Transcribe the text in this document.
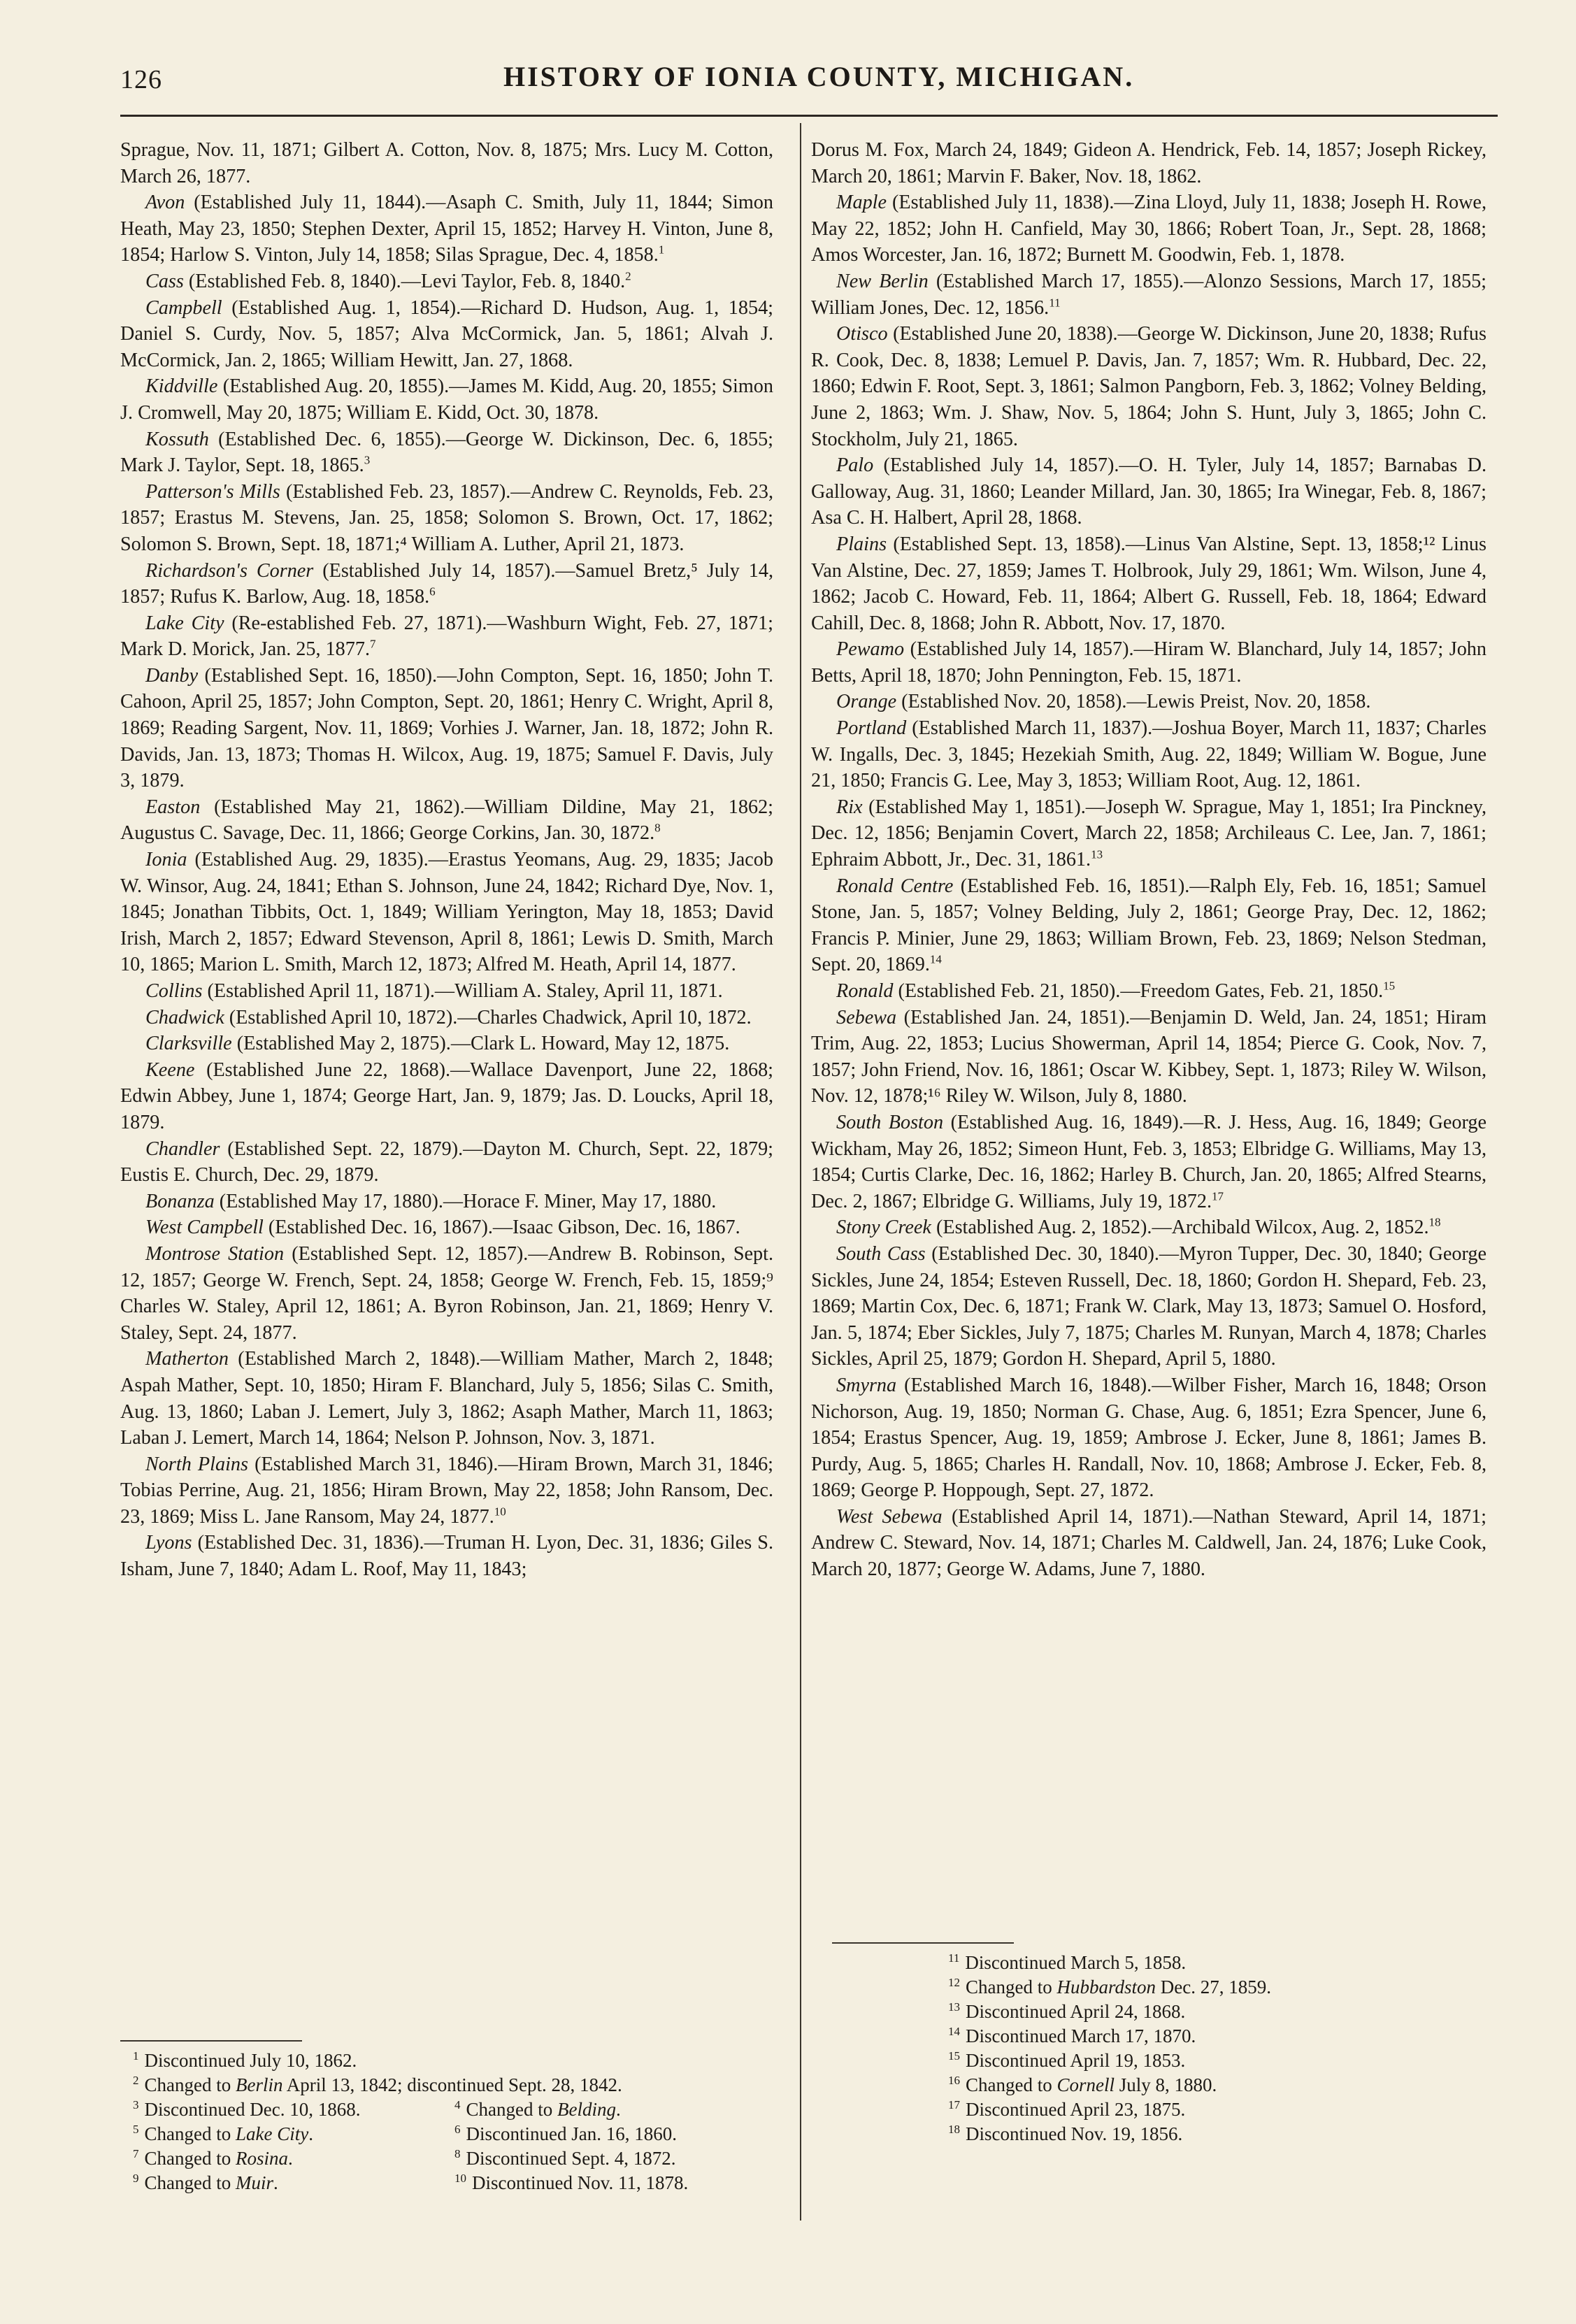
126	HISTORY OF IONIA COUNTY, MICHIGAN.

Sprague, Nov. 11, 1871; Gilbert A. Cotton, Nov. 8, 1875; Mrs. Lucy M. Cotton, March 26, 1877.

Avon (Established July 11, 1844).—Asaph C. Smith, July 11, 1844; Simon Heath, May 23, 1850; Stephen Dexter, April 15, 1852; Harvey H. Vinton, June 8, 1854; Harlow S. Vinton, July 14, 1858; Silas Sprague, Dec. 4, 1858.$^1$

Cass (Established Feb. 8, 1840).—Levi Taylor, Feb. 8, 1840.$^2$

Campbell (Established Aug. 1, 1854).—Richard D. Hudson, Aug. 1, 1854; Daniel S. Curdy, Nov. 5, 1857; Alva McCormick, Jan. 5, 1861; Alvah J. McCormick, Jan. 2, 1865; William Hewitt, Jan. 27, 1868.

Kiddville (Established Aug. 20, 1855).—James M. Kidd, Aug. 20, 1855; Simon J. Cromwell, May 20, 1875; William E. Kidd, Oct. 30, 1878.

Kossuth (Established Dec. 6, 1855).—George W. Dickinson, Dec. 6, 1855; Mark J. Taylor, Sept. 18, 1865.$^3$

Patterson's Mills (Established Feb. 23, 1857).—Andrew C. Reynolds, Feb. 23, 1857; Erastus M. Stevens, Jan. 25, 1858; Solomon S. Brown, Oct. 17, 1862; Solomon S. Brown, Sept. 18, 1871;⁴ William A. Luther, April 21, 1873.

Richardson's Corner (Established July 14, 1857).—Samuel Bretz,⁵ July 14, 1857; Rufus K. Barlow, Aug. 18, 1858.$^6$

Lake City (Re-established Feb. 27, 1871).—Washburn Wight, Feb. 27, 1871; Mark D. Morick, Jan. 25, 1877.$^7$

Danby (Established Sept. 16, 1850).—John Compton, Sept. 16, 1850; John T. Cahoon, April 25, 1857; John Compton, Sept. 20, 1861; Henry C. Wright, April 8, 1869; Reading Sargent, Nov. 11, 1869; Vorhies J. Warner, Jan. 18, 1872; John R. Davids, Jan. 13, 1873; Thomas H. Wilcox, Aug. 19, 1875; Samuel F. Davis, July 3, 1879.

Easton (Established May 21, 1862).—William Dildine, May 21, 1862; Augustus C. Savage, Dec. 11, 1866; George Corkins, Jan. 30, 1872.$^8$

Ionia (Established Aug. 29, 1835).—Erastus Yeomans, Aug. 29, 1835; Jacob W. Winsor, Aug. 24, 1841; Ethan S. Johnson, June 24, 1842; Richard Dye, Nov. 1, 1845; Jonathan Tibbits, Oct. 1, 1849; William Yerington, May 18, 1853; David Irish, March 2, 1857; Edward Stevenson, April 8, 1861; Lewis D. Smith, March 10, 1865; Marion L. Smith, March 12, 1873; Alfred M. Heath, April 14, 1877.

Collins (Established April 11, 1871).—William A. Staley, April 11, 1871.

Chadwick (Established April 10, 1872).—Charles Chadwick, April 10, 1872.

Clarksville (Established May 2, 1875).—Clark L. Howard, May 12, 1875.

Keene (Established June 22, 1868).—Wallace Davenport, June 22, 1868; Edwin Abbey, June 1, 1874; George Hart, Jan. 9, 1879; Jas. D. Loucks, April 18, 1879.

Chandler (Established Sept. 22, 1879).—Dayton M. Church, Sept. 22, 1879; Eustis E. Church, Dec. 29, 1879.

Bonanza (Established May 17, 1880).—Horace F. Miner, May 17, 1880.

West Campbell (Established Dec. 16, 1867).—Isaac Gibson, Dec. 16, 1867.

Montrose Station (Established Sept. 12, 1857).—Andrew B. Robinson, Sept. 12, 1857; George W. French, Sept. 24, 1858; George W. French, Feb. 15, 1859;⁹ Charles W. Staley, April 12, 1861; A. Byron Robinson, Jan. 21, 1869; Henry V. Staley, Sept. 24, 1877.

Matherton (Established March 2, 1848).—William Mather, March 2, 1848; Aspah Mather, Sept. 10, 1850; Hiram F. Blanchard, July 5, 1856; Silas C. Smith, Aug. 13, 1860; Laban J. Lemert, July 3, 1862; Asaph Mather, March 11, 1863; Laban J. Lemert, March 14, 1864; Nelson P. Johnson, Nov. 3, 1871.

North Plains (Established March 31, 1846).—Hiram Brown, March 31, 1846; Tobias Perrine, Aug. 21, 1856; Hiram Brown, May 22, 1858; John Ransom, Dec. 23, 1869; Miss L. Jane Ransom, May 24, 1877.10

Lyons (Established Dec. 31, 1836).—Truman H. Lyon, Dec. 31, 1836; Giles S. Isham, June 7, 1840; Adam L. Roof, May 11, 1843;

Dorus M. Fox, March 24, 1849; Gideon A. Hendrick, Feb. 14, 1857; Joseph Rickey, March 20, 1861; Marvin F. Baker, Nov. 18, 1862.

Maple (Established July 11, 1838).—Zina Lloyd, July 11, 1838; Joseph H. Rowe, May 22, 1852; John H. Canfield, May 30, 1866; Robert Toan, Jr., Sept. 28, 1868; Amos Worcester, Jan. 16, 1872; Burnett M. Goodwin, Feb. 1, 1878.

New Berlin (Established March 17, 1855).—Alonzo Sessions, March 17, 1855; William Jones, Dec. 12, 1856.11

Otisco (Established June 20, 1838).—George W. Dickinson, June 20, 1838; Rufus R. Cook, Dec. 8, 1838; Lemuel P. Davis, Jan. 7, 1857; Wm. R. Hubbard, Dec. 22, 1860; Edwin F. Root, Sept. 3, 1861; Salmon Pangborn, Feb. 3, 1862; Volney Belding, June 2, 1863; Wm. J. Shaw, Nov. 5, 1864; John S. Hunt, July 3, 1865; John C. Stockholm, July 21, 1865.

Palo (Established July 14, 1857).—O. H. Tyler, July 14, 1857; Barnabas D. Galloway, Aug. 31, 1860; Leander Millard, Jan. 30, 1865; Ira Winegar, Feb. 8, 1867; Asa C. H. Halbert, April 28, 1868.

Plains (Established Sept. 13, 1858).—Linus Van Alstine, Sept. 13, 1858;¹² Linus Van Alstine, Dec. 27, 1859; James T. Holbrook, July 29, 1861; Wm. Wilson, June 4, 1862; Jacob C. Howard, Feb. 11, 1864; Albert G. Russell, Feb. 18, 1864; Edward Cahill, Dec. 8, 1868; John R. Abbott, Nov. 17, 1870.

Pewamo (Established July 14, 1857).—Hiram W. Blanchard, July 14, 1857; John Betts, April 18, 1870; John Pennington, Feb. 15, 1871.

Orange (Established Nov. 20, 1858).—Lewis Preist, Nov. 20, 1858.

Portland (Established March 11, 1837).—Joshua Boyer, March 11, 1837; Charles W. Ingalls, Dec. 3, 1845; Hezekiah Smith, Aug. 22, 1849; William W. Bogue, June 21, 1850; Francis G. Lee, May 3, 1853; William Root, Aug. 12, 1861.

Rix (Established May 1, 1851).—Joseph W. Sprague, May 1, 1851; Ira Pinckney, Dec. 12, 1856; Benjamin Covert, March 22, 1858; Archileaus C. Lee, Jan. 7, 1861; Ephraim Abbott, Jr., Dec. 31, 1861.13

Ronald Centre (Established Feb. 16, 1851).—Ralph Ely, Feb. 16, 1851; Samuel Stone, Jan. 5, 1857; Volney Belding, July 2, 1861; George Pray, Dec. 12, 1862; Francis P. Minier, June 29, 1863; William Brown, Feb. 23, 1869; Nelson Stedman, Sept. 20, 1869.14

Ronald (Established Feb. 21, 1850).—Freedom Gates, Feb. 21, 1850.15

Sebewa (Established Jan. 24, 1851).—Benjamin D. Weld, Jan. 24, 1851; Hiram Trim, Aug. 22, 1853; Lucius Showerman, April 14, 1854; Pierce G. Cook, Nov. 7, 1857; John Friend, Nov. 16, 1861; Oscar W. Kibbey, Sept. 1, 1873; Riley W. Wilson, Nov. 12, 1878;¹⁶ Riley W. Wilson, July 8, 1880.

South Boston (Established Aug. 16, 1849).—R. J. Hess, Aug. 16, 1849; George Wickham, May 26, 1852; Simeon Hunt, Feb. 3, 1853; Elbridge G. Williams, May 13, 1854; Curtis Clarke, Dec. 16, 1862; Harley B. Church, Jan. 20, 1865; Alfred Stearns, Dec. 2, 1867; Elbridge G. Williams, July 19, 1872.17

Stony Creek (Established Aug. 2, 1852).—Archibald Wilcox, Aug. 2, 1852.18

South Cass (Established Dec. 30, 1840).—Myron Tupper, Dec. 30, 1840; George Sickles, June 24, 1854; Esteven Russell, Dec. 18, 1860; Gordon H. Shepard, Feb. 23, 1869; Martin Cox, Dec. 6, 1871; Frank W. Clark, May 13, 1873; Samuel O. Hosford, Jan. 5, 1874; Eber Sickles, July 7, 1875; Charles M. Runyan, March 4, 1878; Charles Sickles, April 25, 1879; Gordon H. Shepard, April 5, 1880.

Smyrna (Established March 16, 1848).—Wilber Fisher, March 16, 1848; Orson Nichorson, Aug. 19, 1850; Norman G. Chase, Aug. 6, 1851; Ezra Spencer, June 6, 1854; Erastus Spencer, Aug. 19, 1859; Ambrose J. Ecker, June 8, 1861; James B. Purdy, Aug. 5, 1865; Charles H. Randall, Nov. 10, 1868; Ambrose J. Ecker, Feb. 8, 1869; George P. Hoppough, Sept. 27, 1872.

West Sebewa (Established April 14, 1871).—Nathan Steward, April 14, 1871; Andrew C. Steward, Nov. 14, 1871; Charles M. Caldwell, Jan. 24, 1876; Luke Cook, March 20, 1877; George W. Adams, June 7, 1880.

$^1$ Discontinued July 10, 1862.
$^2$ Changed to Berlin April 13, 1842; discontinued Sept. 28, 1842.
$^3$ Discontinued Dec. 10, 1868.	$^4$ Changed to Belding.
$^5$ Changed to Lake City.	$^6$ Discontinued Jan. 16, 1860.
$^7$ Changed to Rosina.	$^8$ Discontinued Sept. 4, 1872.
$^9$ Changed to Muir.	$^{10}$ Discontinued Nov. 11, 1878.
$^{11}$ Discontinued March 5, 1858.
$^{12}$ Changed to Hubbardston Dec. 27, 1859.
$^{13}$ Discontinued April 24, 1868.
$^{14}$ Discontinued March 17, 1870.
$^{15}$ Discontinued April 19, 1853.
$^{16}$ Changed to Cornell July 8, 1880.
$^{17}$ Discontinued April 23, 1875.
$^{18}$ Discontinued Nov. 19, 1856.
